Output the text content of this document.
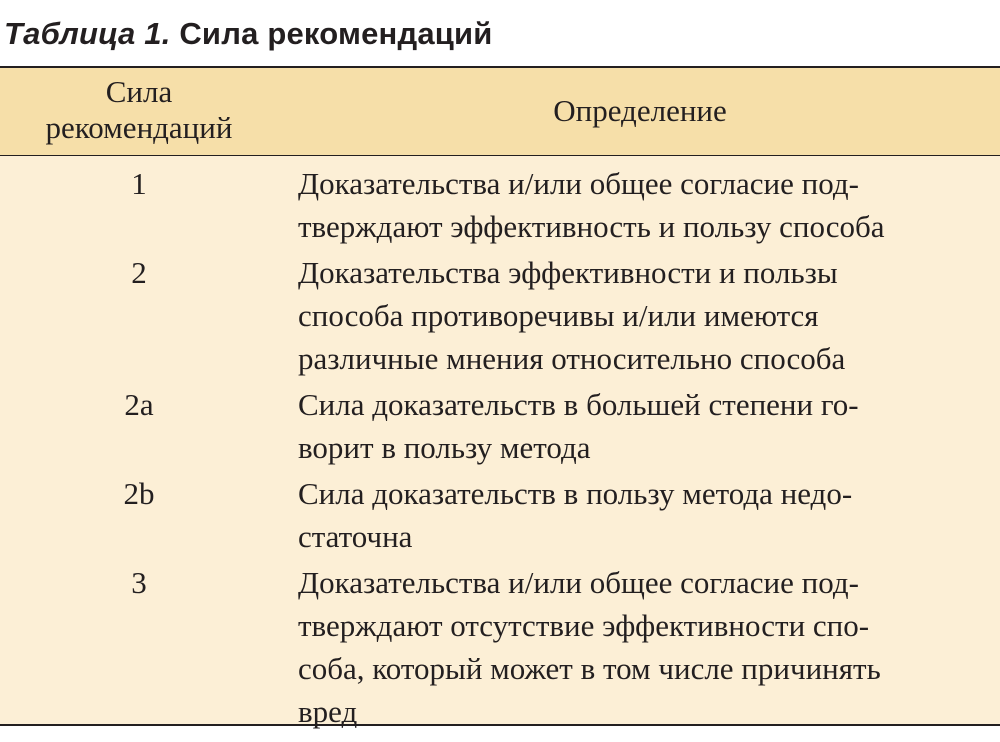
Таблица 1. Сила рекомендаций
Сила
рекомендаций	Определение
1	Доказательства и/или общее согласие под-
тверждают эффективность и пользу способа
2	Доказательства эффективности и пользы
способа противоречивы и/или имеются
различные мнения относительно способа
2a	Сила доказательств в большей степени го-
ворит в пользу метода
2b	Сила доказательств в пользу метода недо-
статочна
3	Доказательства и/или общее согласие под-
тверждают отсутствие эффективности спо-
соба, который может в том числе причинять
вред
